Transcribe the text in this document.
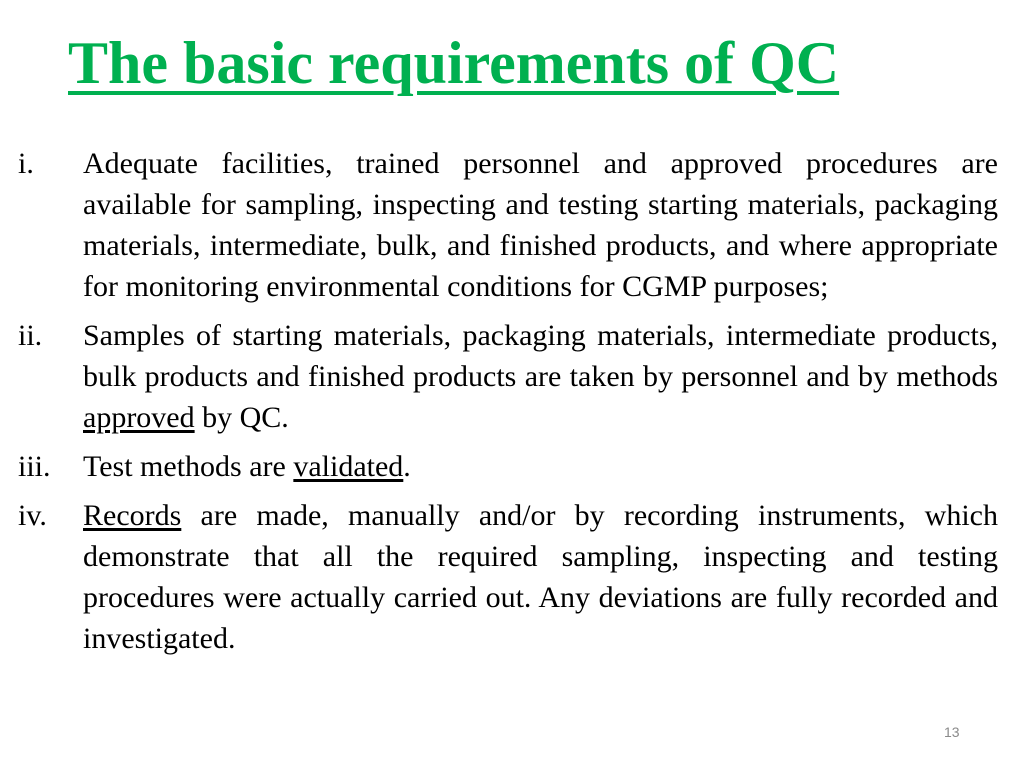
The basic requirements of QC
i.	Adequate facilities, trained personnel and approved procedures are available for sampling, inspecting and testing starting materials, packaging materials, intermediate, bulk, and finished products, and where appropriate for monitoring environmental conditions for CGMP purposes;
ii.	Samples of starting materials, packaging materials, intermediate products, bulk products and finished products are taken by personnel and by methods approved by QC.
iii.	Test methods are validated.
iv.	Records are made, manually and/or by recording instruments, which demonstrate that all the required sampling, inspecting and testing procedures were actually carried out. Any deviations are fully recorded and investigated.
13
